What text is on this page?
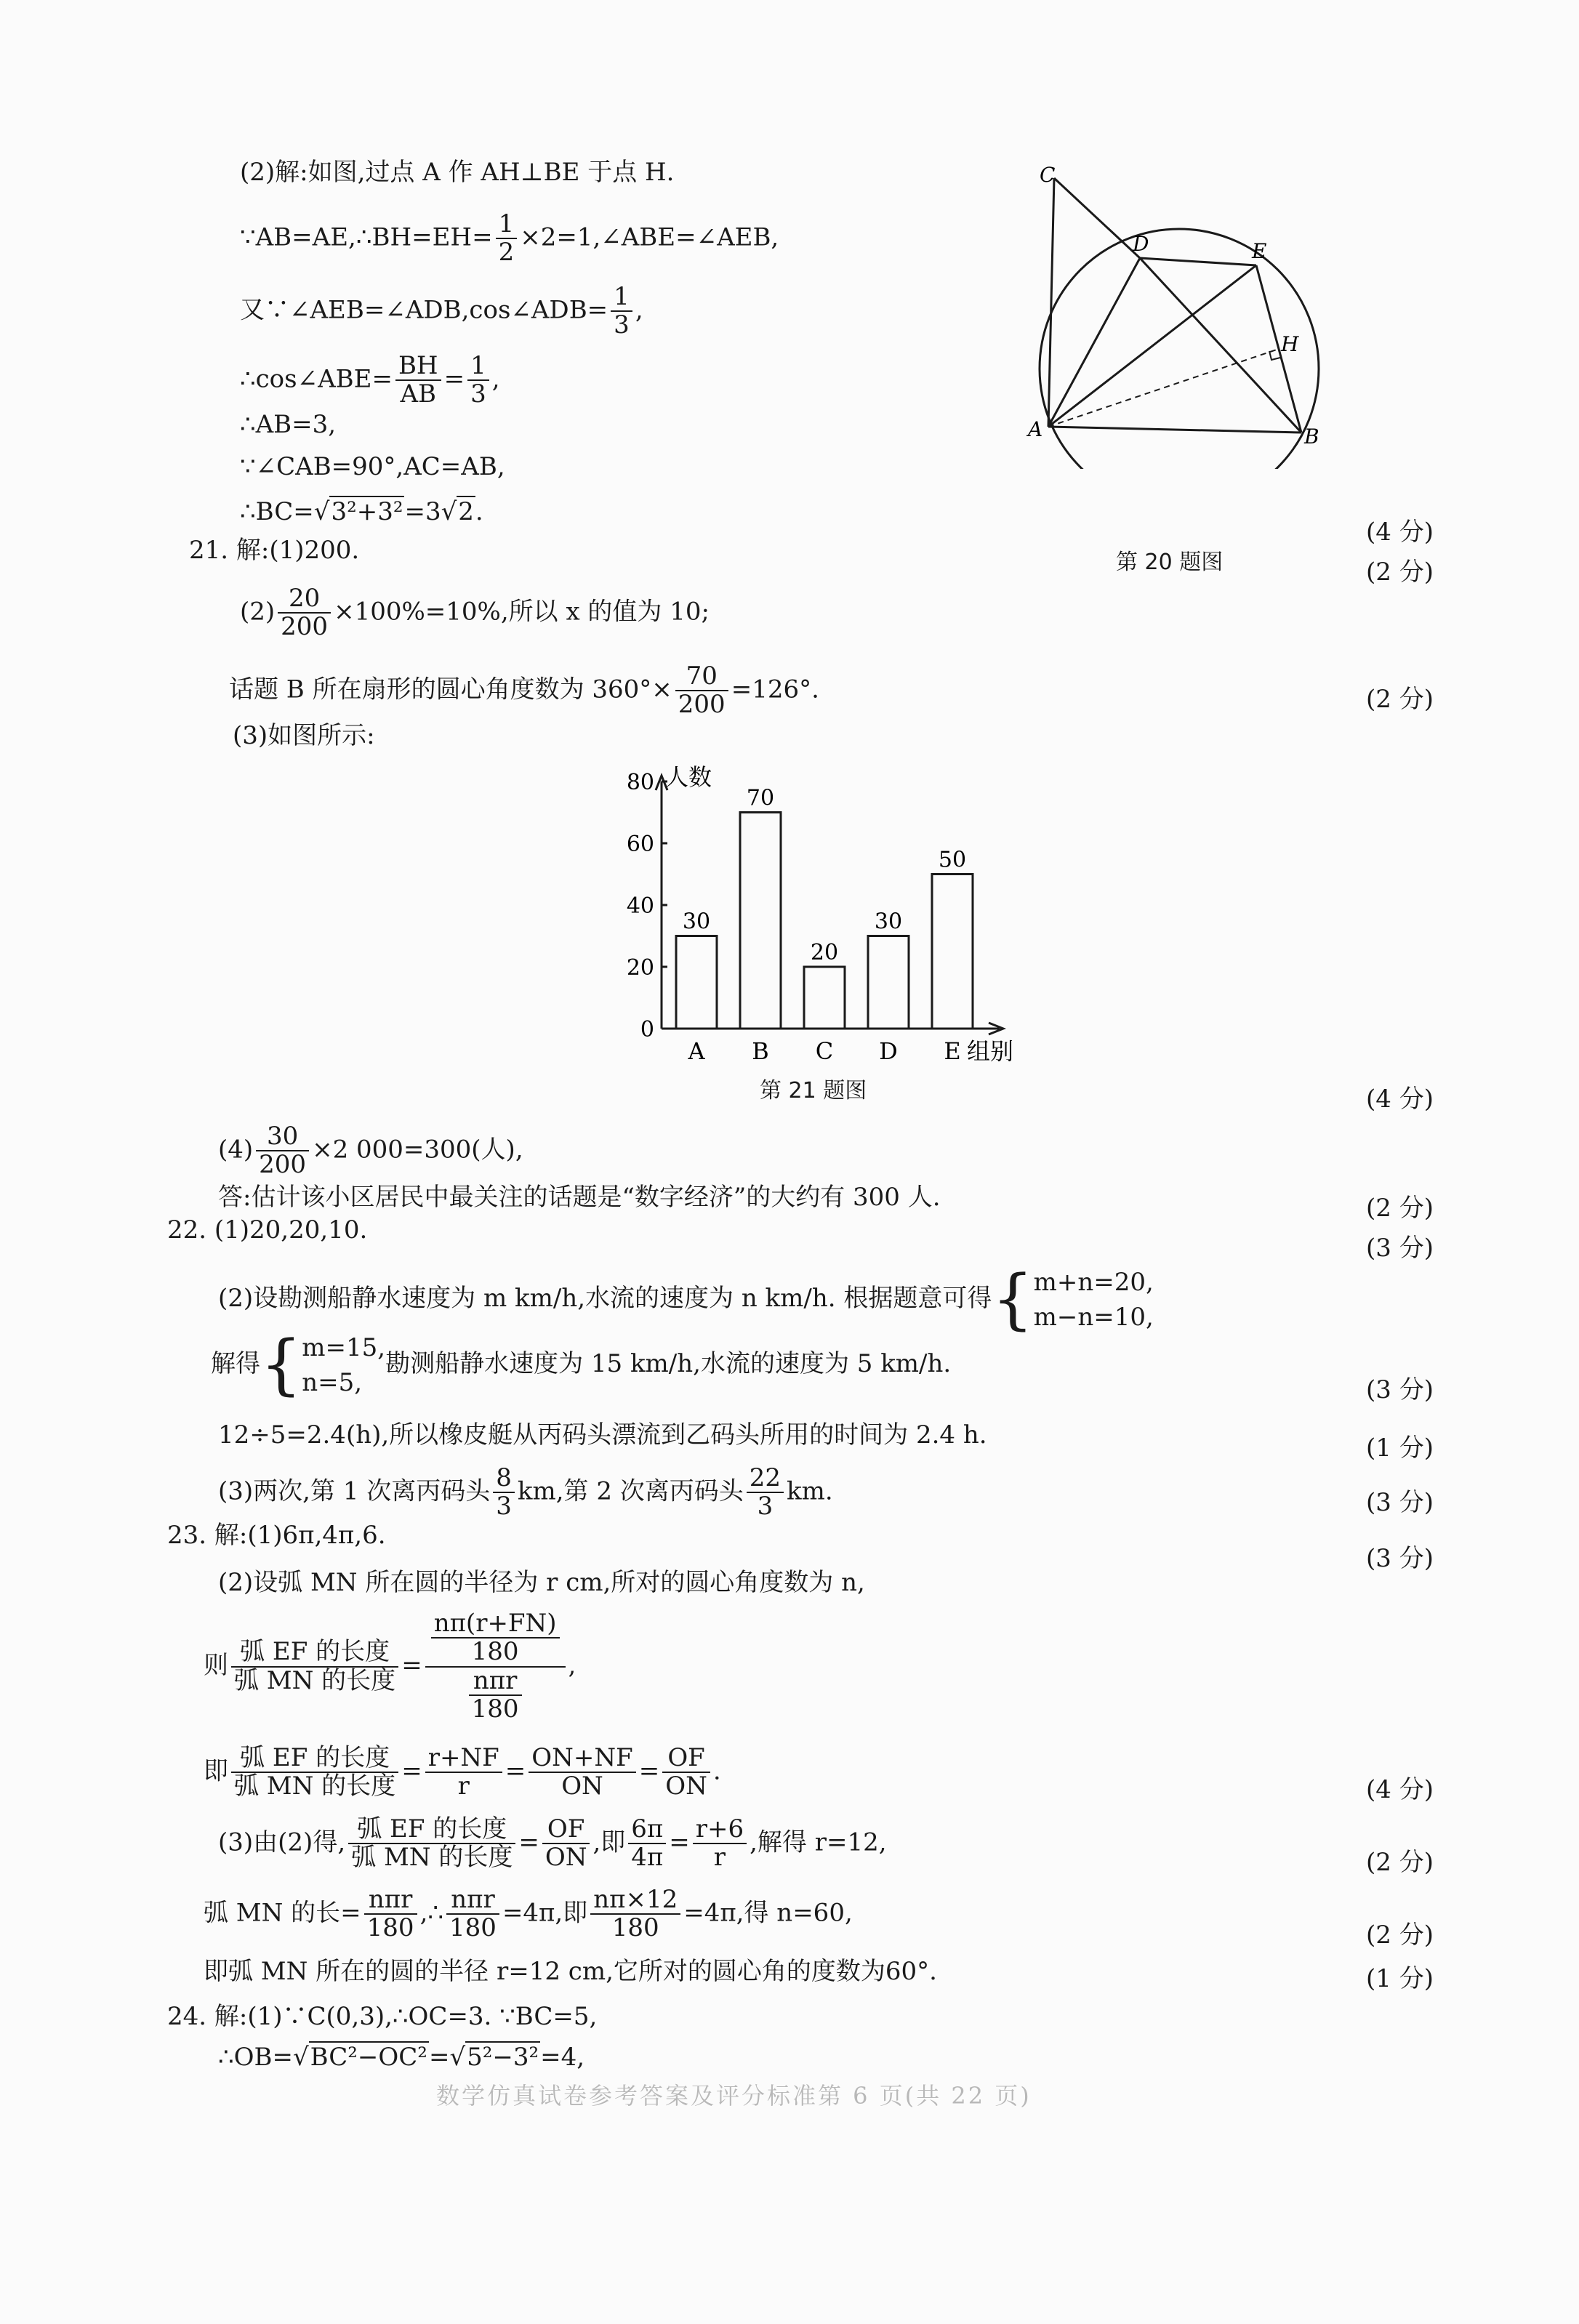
(2)解:如图,过点 A 作 AH⊥BE 于点 H.
∵AB=AE,∴BH=EH= $\frac{1}{2}$ ×2=1,∠ABE=∠AEB,
又∵∠AEB=∠ADB,cos∠ADB= $\frac{1}{3}$ ,
∴cos∠ABE= $\frac{BH}{AB} = \frac{1}{3}$ ,
∴AB=3,
∵∠CAB=90°,AC=AB,
∴BC=√3²+3²=3√2.
C
D	E
H
A	B
第 20 题图
(4 分)
21. 解:(1)200.
(2 分)
$(2) \frac{20}{200} \times 100\%=10\%$,所以 x 的值为 10;
话题 B 所在扇形的圆心角度数为 $360^\circ\times \frac{70}{200} =126^\circ$.	(2 分)
(3)如图所示:
人数
组别
0
20
40
60
80
30
A
70
B
20
C
30
D
50
E
第 21 题图	(4 分)
$(4) \frac{30}{200} \times 2$ 000=300(人),
答:估计该小区居民中最关注的话题是“数字经济”的大约有 300 人.	(2 分)
22. (1)20,20,10.
(3 分)
(2)设勘测船静水速度为 m km/h,水流的速度为 n km/h. 根据题意可得{m+n=20,
m−n=10,
解得{m=15,
n=5,勘测船静水速度为 15 km/h,水流的速度为 5 km/h.
(3 分)
12÷5=2.4(h),所以橡皮艇从丙码头漂流到乙码头所用的时间为 2.4 h.	(1 分)
(3)两次,第 1 次离丙码头 $\frac{8}{3}$ km,第 2 次离丙码头 $\frac{22}{3}$ km.	(3 分)
23. 解:(1)6π,4π,6.
(3 分)
(2)设弧 MN 所在圆的半径为 r cm,所对的圆心角度数为 n,
则 $\frac{\text{弧 EF 的长度}}{\text{弧 MN 的长度}} = \frac{\frac{n\pi(r+FN)}{180}}{\frac{\text{nπr}}{180}}$ ,
即 $\frac{\text{弧 EF 的长度}}{\text{弧 MN 的长度}} = \frac{r+NF}{r} = \frac{ON+NF}{ON} = \frac{OF}{ON}$ .
(4 分)
(3)由(2)得, $\frac{\text{弧 EF 的长度}}{\text{弧 MN 的长度}} = \frac{OF}{ON}$ ,即 $\frac{6\pi}{4\pi} = \frac{r+6}{r}$ ,解得 r=12,
(2 分)
弧 MN 的长= $\frac{\text{nπr}}{180}$ ,∴ $\frac{\text{nπr}}{180} =4\pi$,即 $\frac{n\pi\times 12}{180} =4\pi$,得 n=60,
(2 分)
即弧 MN 所在的圆的半径 r=12 cm,它所对的圆心角的度数为60°.	(1 分)
24. 解:(1)∵C(0,3),∴OC=3. ∵BC=5,
∴OB=√BC²−OC²=√5²−3²=4,
数学仿真试卷参考答案及评分标准第 6 页(共 22 页)
